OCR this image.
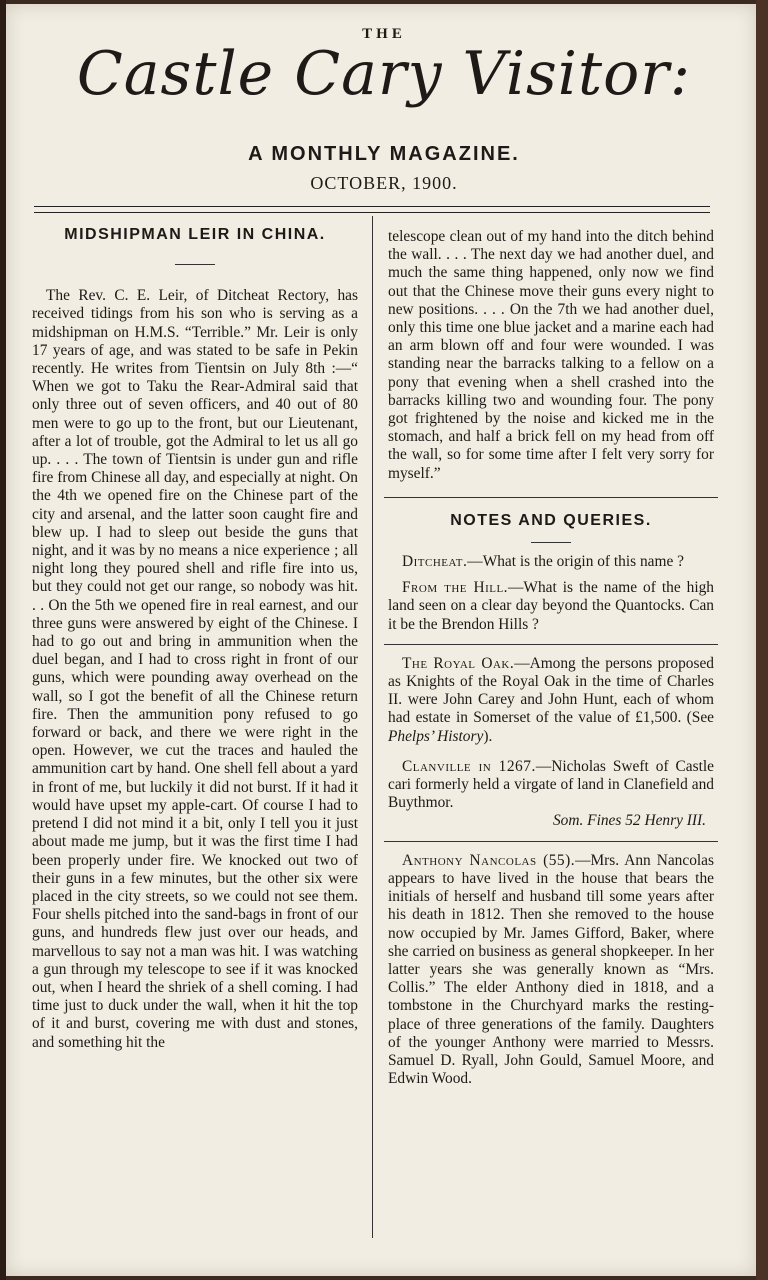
THE
Castle Cary Visitor:
A MONTHLY MAGAZINE.
OCTOBER, 1900.

MIDSHIPMAN LEIR IN CHINA.

The Rev. C. E. Leir, of Ditcheat Rectory, has received tidings from his son who is serving as a midshipman on H.M.S. “Terrible.” Mr. Leir is only 17 years of age, and was stated to be safe in Pekin recently. He writes from Tientsin on July 8th :—“ When we got to Taku the Rear-Admiral said that only three out of seven officers, and 40 out of 80 men were to go up to the front, but our Lieutenant, after a lot of trouble, got the Admiral to let us all go up. . . . The town of Tientsin is under gun and rifle fire from Chinese all day, and especially at night. On the 4th we opened fire on the Chinese part of the city and arsenal, and the latter soon caught fire and blew up. I had to sleep out beside the guns that night, and it was by no means a nice experience ; all night long they poured shell and rifle fire into us, but they could not get our range, so nobody was hit. . . On the 5th we opened fire in real earnest, and our three guns were answered by eight of the Chinese. I had to go out and bring in ammunition when the duel began, and I had to cross right in front of our guns, which were pounding away overhead on the wall, so I got the benefit of all the Chinese return fire. Then the ammunition pony refused to go forward or back, and there we were right in the open. However, we cut the traces and hauled the ammunition cart by hand. One shell fell about a yard in front of me, but luckily it did not burst. If it had it would have upset my apple-cart. Of course I had to pretend I did not mind it a bit, only I tell you it just about made me jump, but it was the first time I had been properly under fire. We knocked out two of their guns in a few minutes, but the other six were placed in the city streets, so we could not see them. Four shells pitched into the sand-bags in front of our guns, and hundreds flew just over our heads, and marvellous to say not a man was hit. I was watching a gun through my telescope to see if it was knocked out, when I heard the shriek of a shell coming. I had time just to duck under the wall, when it hit the top of it and burst, covering me with dust and stones, and something hit the

telescope clean out of my hand into the ditch behind the wall. . . . The next day we had another duel, and much the same thing happened, only now we find out that the Chinese move their guns every night to new positions. . . . On the 7th we had another duel, only this time one blue jacket and a marine each had an arm blown off and four were wounded. I was standing near the barracks talking to a fellow on a pony that evening when a shell crashed into the barracks killing two and wounding four. The pony got frightened by the noise and kicked me in the stomach, and half a brick fell on my head from off the wall, so for some time after I felt very sorry for myself.”

NOTES AND QUERIES.

Ditcheat.—What is the origin of this name ?

From the Hill.—What is the name of the high land seen on a clear day beyond the Quantocks. Can it be the Brendon Hills ?

The Royal Oak.—Among the persons proposed as Knights of the Royal Oak in the time of Charles II. were John Carey and John Hunt, each of whom had estate in Somerset of the value of £1,500. (See Phelps’ History).

Clanville in 1267.—Nicholas Sweft of Castle cari formerly held a virgate of land in Clanefield and Buythmor.

Som. Fines 52 Henry III.

Anthony Nancolas (55).—Mrs. Ann Nancolas appears to have lived in the house that bears the initials of herself and husband till some years after his death in 1812. Then she removed to the house now occupied by Mr. James Gifford, Baker, where she carried on business as general shopkeeper. In her latter years she was generally known as “Mrs. Collis.” The elder Anthony died in 1818, and a tombstone in the Churchyard marks the resting-place of three generations of the family. Daughters of the younger Anthony were married to Messrs. Samuel D. Ryall, John Gould, Samuel Moore, and Edwin Wood.
